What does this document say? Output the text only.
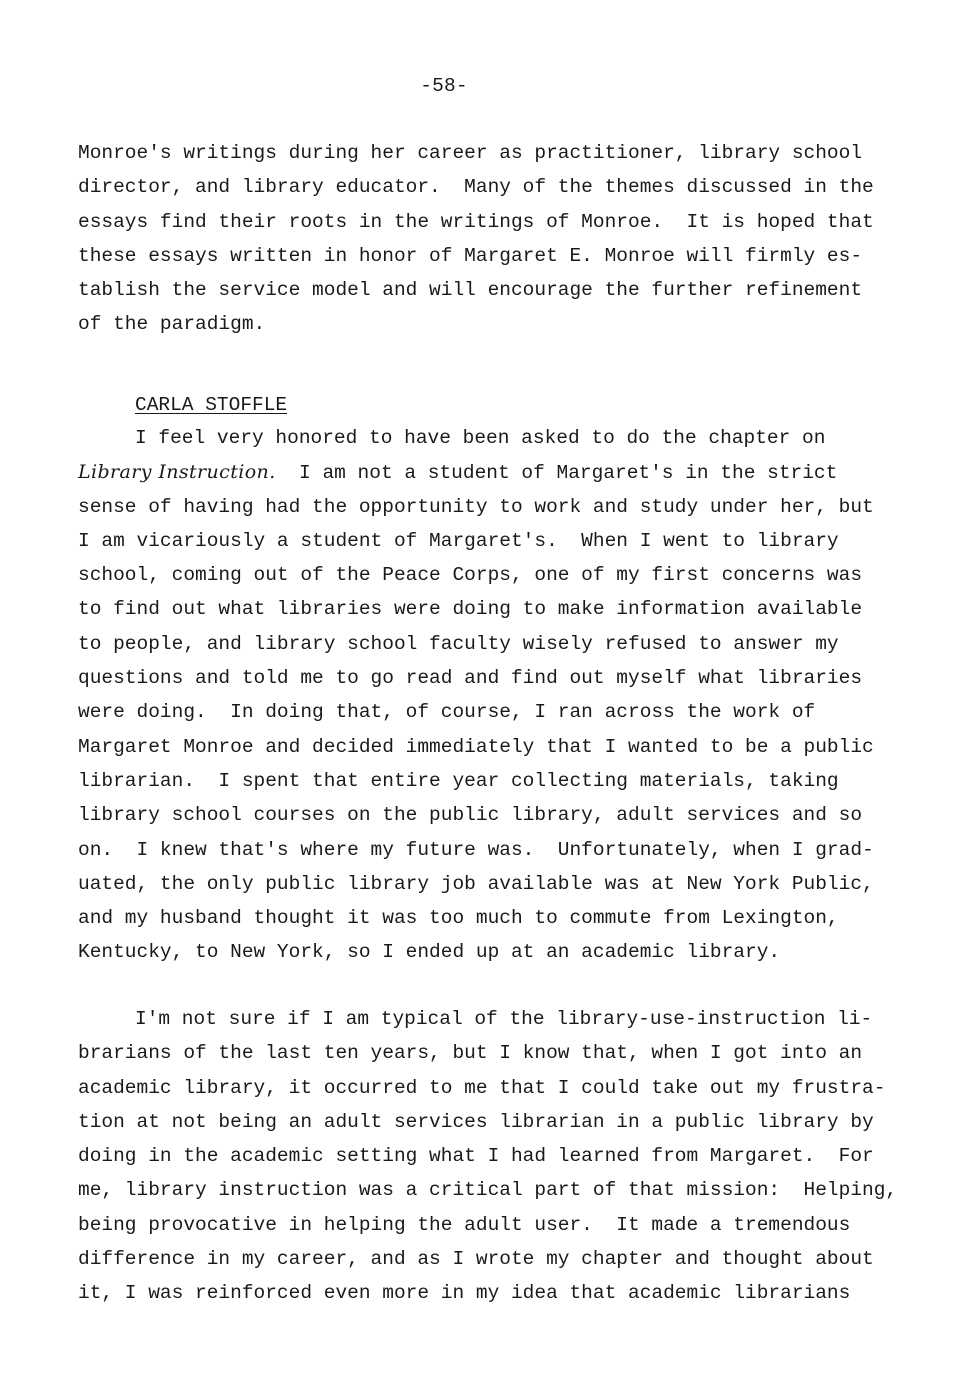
-58-
Monroe's writings during her career as practitioner, library school
director, and library educator.  Many of the themes discussed in the
essays find their roots in the writings of Monroe.  It is hoped that
these essays written in honor of Margaret E. Monroe will firmly es-
tablish the service model and will encourage the further refinement
of the paradigm.
CARLA STOFFLE
I feel very honored to have been asked to do the chapter on
Library Instruction.  I am not a student of Margaret's in the strict
sense of having had the opportunity to work and study under her, but
I am vicariously a student of Margaret's.  When I went to library
school, coming out of the Peace Corps, one of my first concerns was
to find out what libraries were doing to make information available
to people, and library school faculty wisely refused to answer my
questions and told me to go read and find out myself what libraries
were doing.  In doing that, of course, I ran across the work of
Margaret Monroe and decided immediately that I wanted to be a public
librarian.  I spent that entire year collecting materials, taking
library school courses on the public library, adult services and so
on.  I knew that's where my future was.  Unfortunately, when I grad-
uated, the only public library job available was at New York Public,
and my husband thought it was too much to commute from Lexington,
Kentucky, to New York, so I ended up at an academic library.
I'm not sure if I am typical of the library-use-instruction li-
brarians of the last ten years, but I know that, when I got into an
academic library, it occurred to me that I could take out my frustra-
tion at not being an adult services librarian in a public library by
doing in the academic setting what I had learned from Margaret.  For
me, library instruction was a critical part of that mission:  Helping,
being provocative in helping the adult user.  It made a tremendous
difference in my career, and as I wrote my chapter and thought about
it, I was reinforced even more in my idea that academic librarians
